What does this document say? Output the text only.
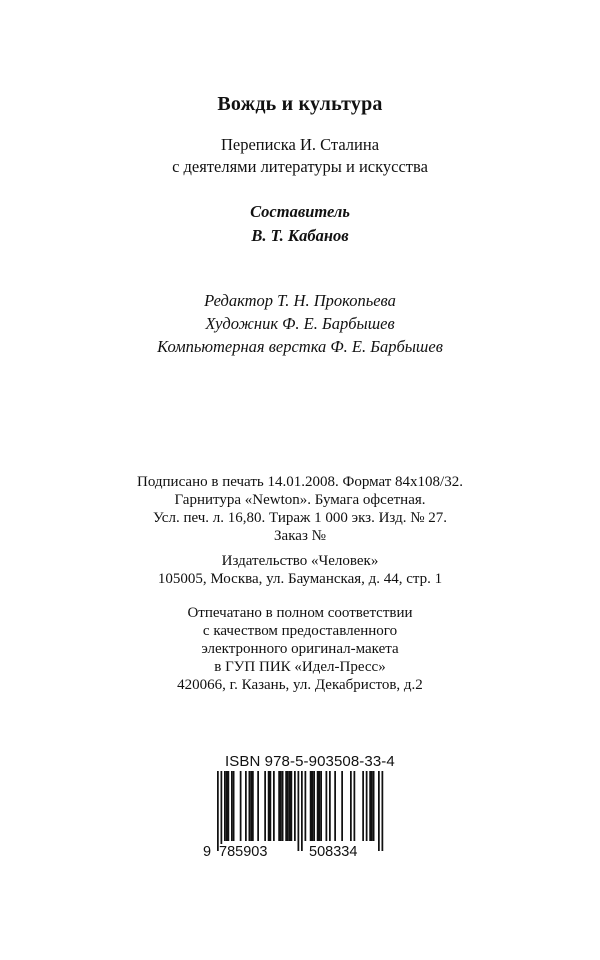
Вождь и культура
Переписка И. Сталина
с деятелями литературы и искусства
Составитель
В. Т. Кабанов
Редактор Т. Н. Прокопьева
Художник Ф. Е. Барбышев
Компьютерная верстка Ф. Е. Барбышев
Подписано в печать 14.01.2008. Формат 84х108/32.
Гарнитура «Newton». Бумага офсетная.
Усл. печ. л. 16,80. Тираж 1 000 экз. Изд. № 27.
Заказ №
Издательство «Человек»
105005, Москва, ул. Бауманская, д. 44, стр. 1
Отпечатано в полном соответствии
с качеством предоставленного
электронного оригинал-макета
в ГУП ПИК «Идел-Пресс»
420066, г. Казань, ул. Декабристов, д.2
ISBN 978-5-903508-33-4
9 785903	508334
